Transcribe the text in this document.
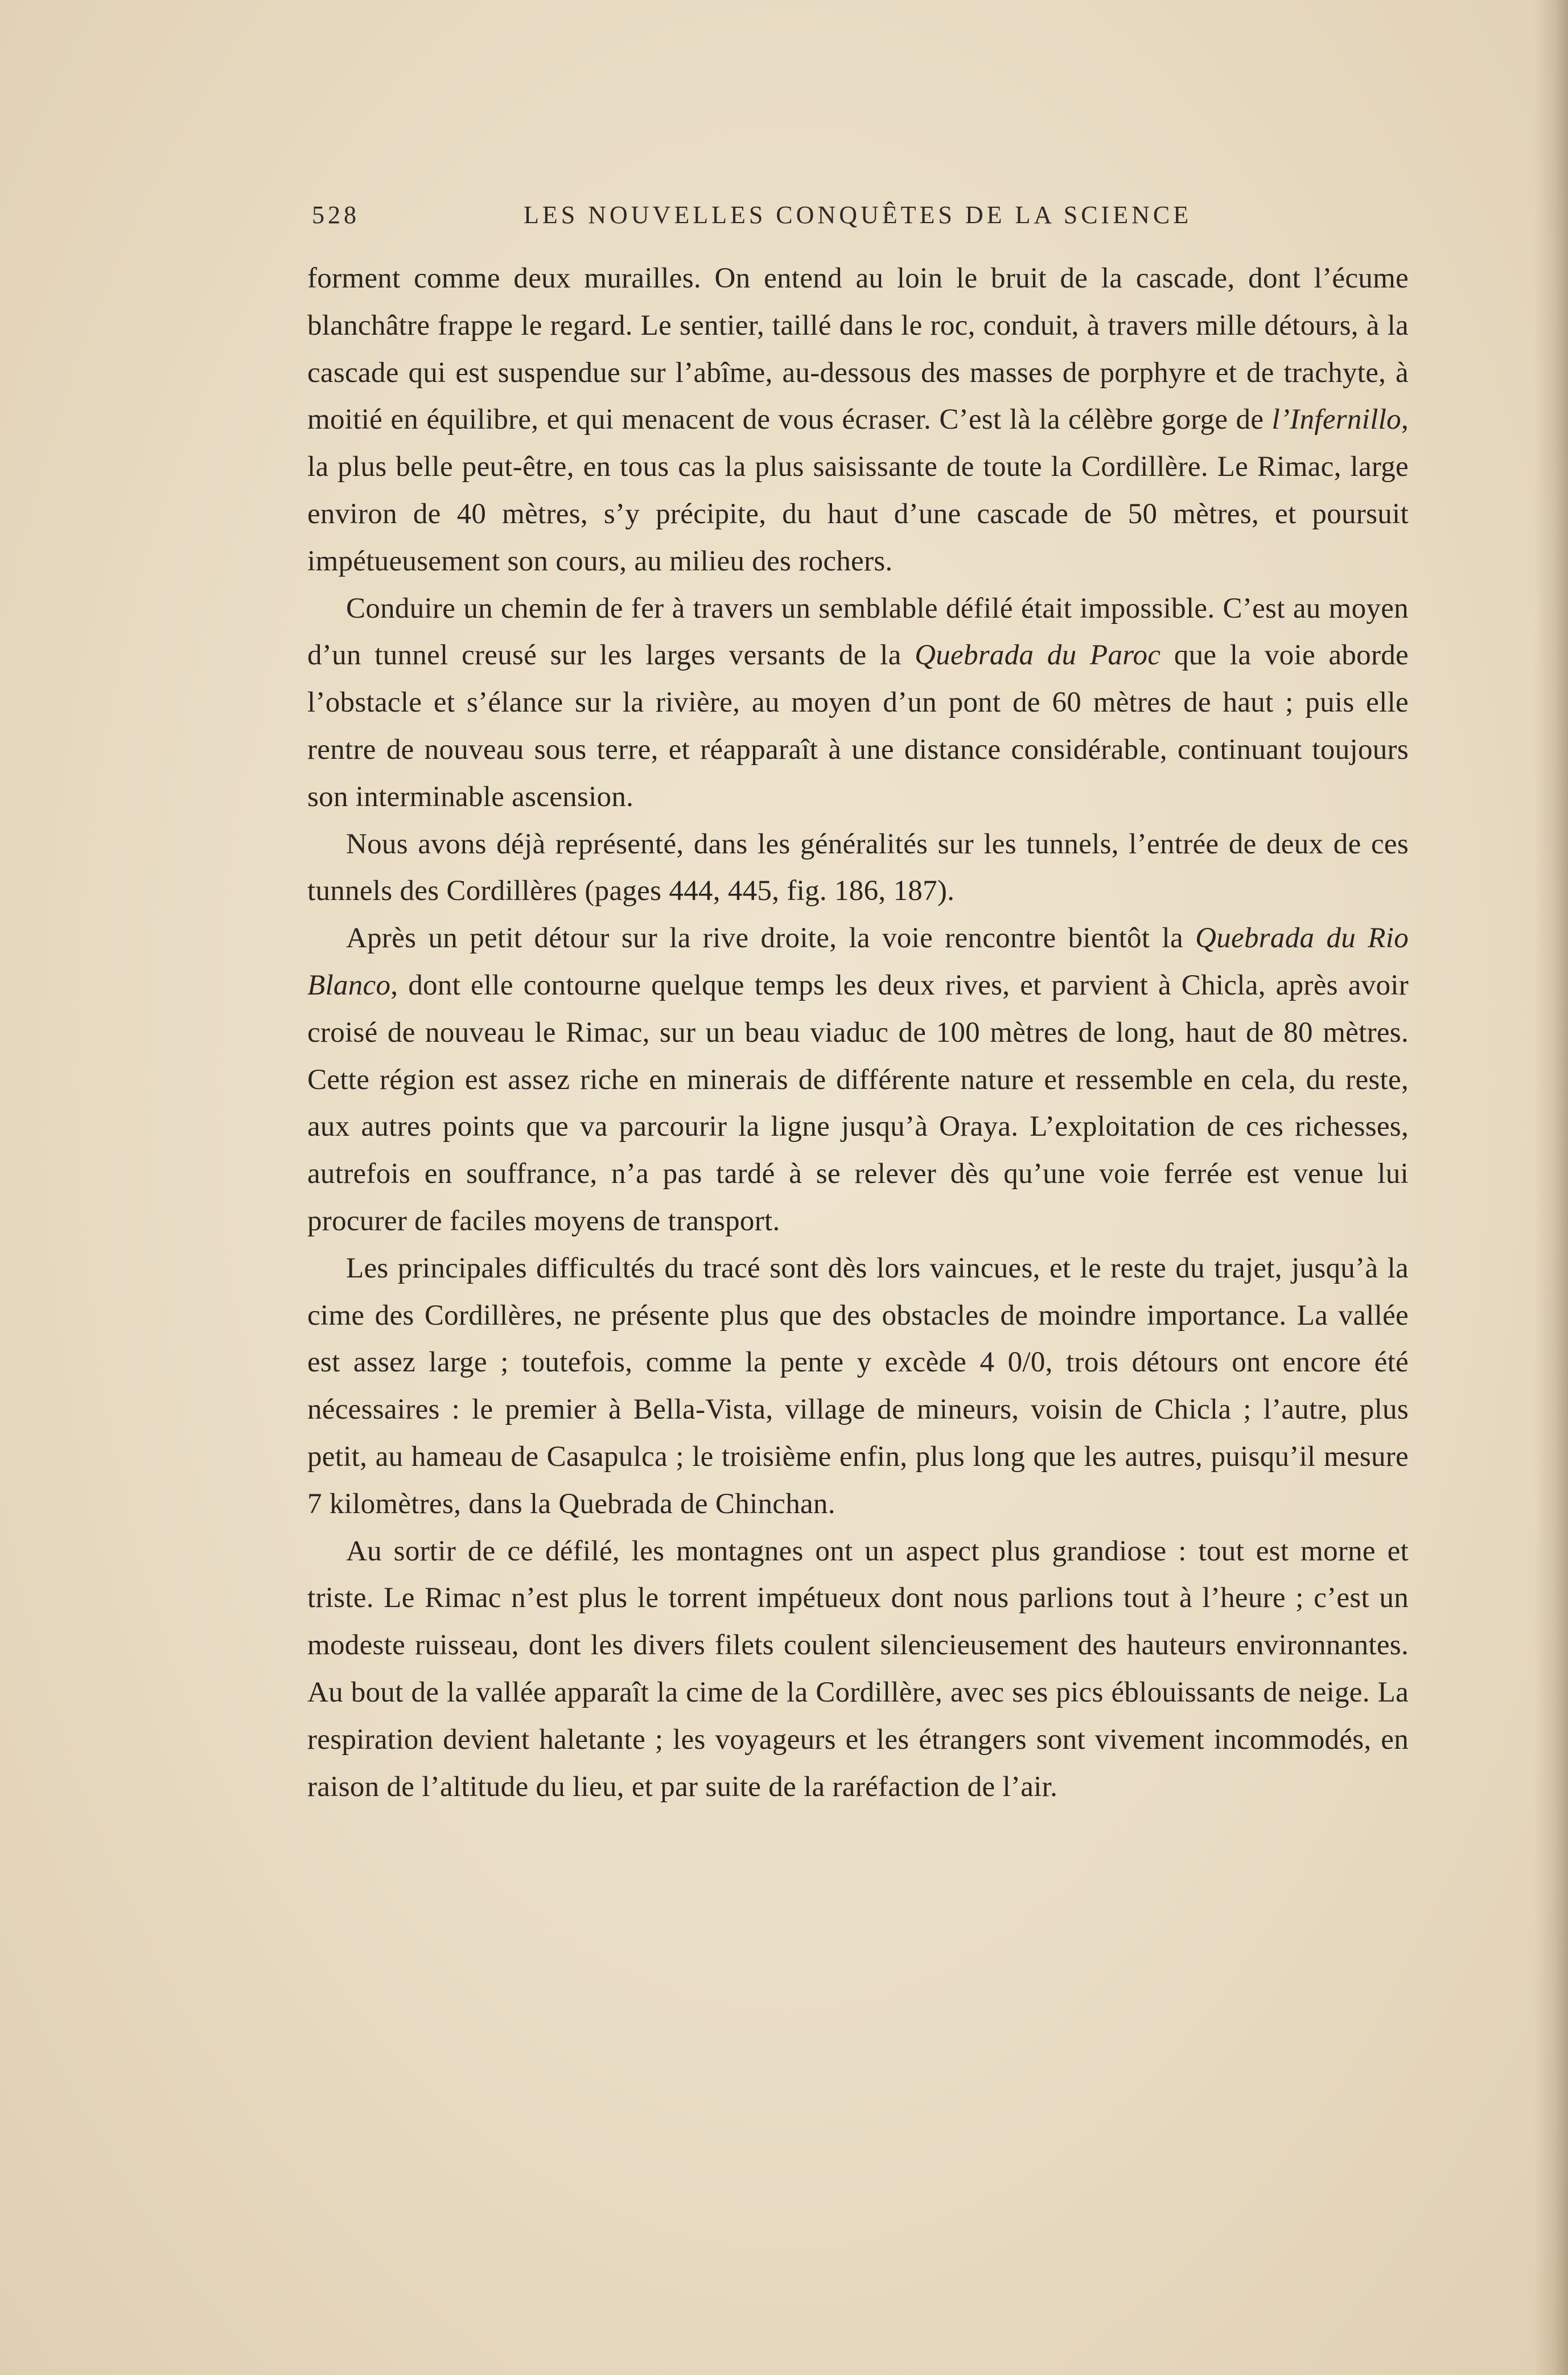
528	LES NOUVELLES CONQUÊTES DE LA SCIENCE

forment comme deux murailles. On entend au loin le bruit de la cascade, dont l’écume blanchâtre frappe le regard. Le sentier, taillé dans le roc, conduit, à travers mille détours, à la cascade qui est suspendue sur l’abîme, au-dessous des masses de porphyre et de trachyte, à moitié en équilibre, et qui menacent de vous écraser. C’est là la célèbre gorge de l’Infernillo, la plus belle peut-être, en tous cas la plus saisissante de toute la Cordillère. Le Rimac, large environ de 40 mètres, s’y précipite, du haut d’une cascade de 50 mètres, et poursuit impétueusement son cours, au milieu des rochers.

Conduire un chemin de fer à travers un semblable défilé était impossible. C’est au moyen d’un tunnel creusé sur les larges versants de la Quebrada du Paroc que la voie aborde l’obstacle et s’élance sur la rivière, au moyen d’un pont de 60 mètres de haut ; puis elle rentre de nouveau sous terre, et réapparaît à une distance considérable, continuant toujours son interminable ascension.

Nous avons déjà représenté, dans les généralités sur les tunnels, l’entrée de deux de ces tunnels des Cordillères (pages 444, 445, fig. 186, 187).

Après un petit détour sur la rive droite, la voie rencontre bientôt la Quebrada du Rio Blanco, dont elle contourne quelque temps les deux rives, et parvient à Chicla, après avoir croisé de nouveau le Rimac, sur un beau viaduc de 100 mètres de long, haut de 80 mètres. Cette région est assez riche en minerais de différente nature et ressemble en cela, du reste, aux autres points que va parcourir la ligne jusqu’à Oraya. L’exploitation de ces richesses, autrefois en souffrance, n’a pas tardé à se relever dès qu’une voie ferrée est venue lui procurer de faciles moyens de transport.

Les principales difficultés du tracé sont dès lors vaincues, et le reste du trajet, jusqu’à la cime des Cordillères, ne présente plus que des obstacles de moindre importance. La vallée est assez large ; toutefois, comme la pente y excède 4 0/0, trois détours ont encore été nécessaires : le premier à Bella-Vista, village de mineurs, voisin de Chicla ; l’autre, plus petit, au hameau de Casapulca ; le troisième enfin, plus long que les autres, puisqu’il mesure 7 kilomètres, dans la Quebrada de Chinchan.

Au sortir de ce défilé, les montagnes ont un aspect plus grandiose : tout est morne et triste. Le Rimac n’est plus le torrent impétueux dont nous parlions tout à l’heure ; c’est un modeste ruisseau, dont les divers filets coulent silencieusement des hauteurs environnantes. Au bout de la vallée apparaît la cime de la Cordillère, avec ses pics éblouissants de neige. La respiration devient haletante ; les voyageurs et les étrangers sont vivement incommodés, en raison de l’altitude du lieu, et par suite de la raréfaction de l’air.
